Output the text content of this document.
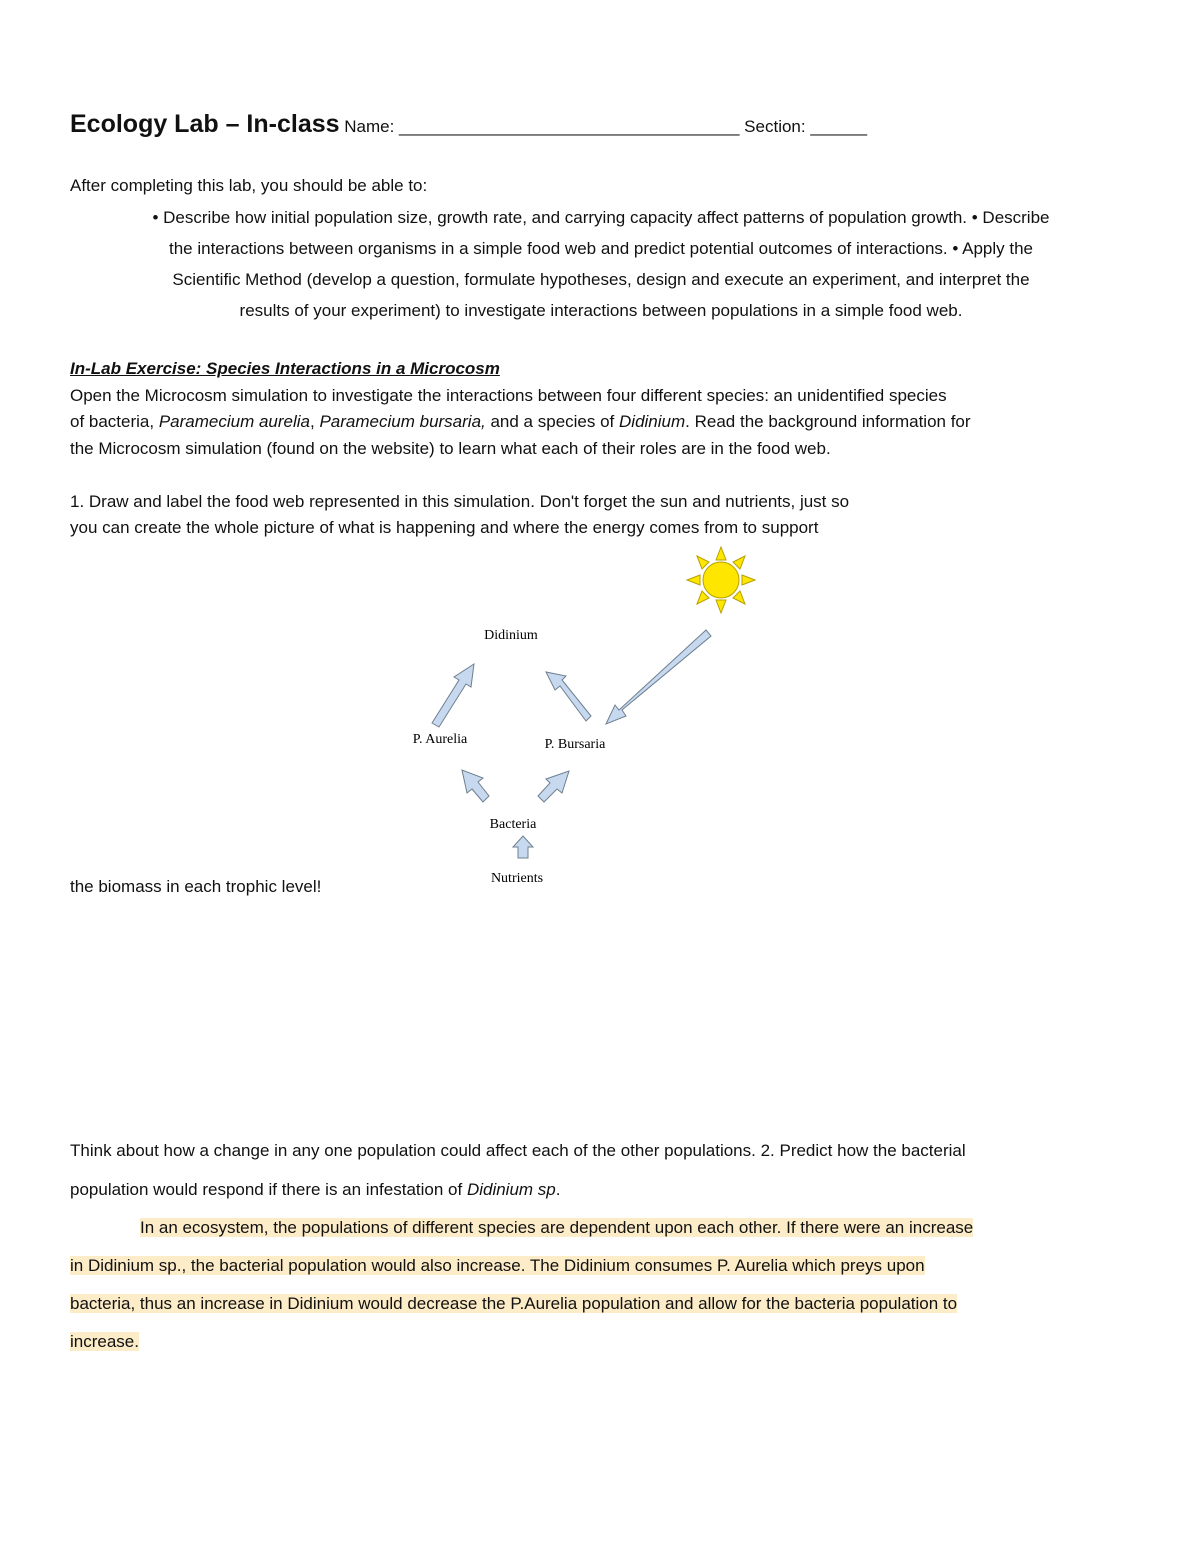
Ecology Lab – In-class Name: ____________________________________ Section: ______
After completing this lab, you should be able to:
• Describe how initial population size, growth rate, and carrying capacity affect patterns of population growth. • Describe
the interactions between organisms in a simple food web and predict potential outcomes of interactions. • Apply the
Scientific Method (develop a question, formulate hypotheses, design and execute an experiment, and interpret the
results of your experiment) to investigate interactions between populations in a simple food web.
In-Lab Exercise: Species Interactions in a Microcosm
Open the Microcosm simulation to investigate the interactions between four different species: an unidentified species
of bacteria, Paramecium aurelia, Paramecium bursaria, and a species of Didinium. Read the background information for
the Microcosm simulation (found on the website) to learn what each of their roles are in the food web.
1. Draw and label the food web represented in this simulation. Don't forget the sun and nutrients, just so
you can create the whole picture of what is happening and where the energy comes from to support
the biomass in each trophic level!
Didinium
P. Aurelia	P. Bursaria
Bacteria
Nutrients
Think about how a change in any one population could affect each of the other populations. 2. Predict how the bacterial
population would respond if there is an infestation of Didinium sp.
In an ecosystem, the populations of different species are dependent upon each other. If there were an increase
in Didinium sp., the bacterial population would also increase. The Didinium consumes P. Aurelia which preys upon
bacteria, thus an increase in Didinium would decrease the P.Aurelia population and allow for the bacteria population to
increase.
